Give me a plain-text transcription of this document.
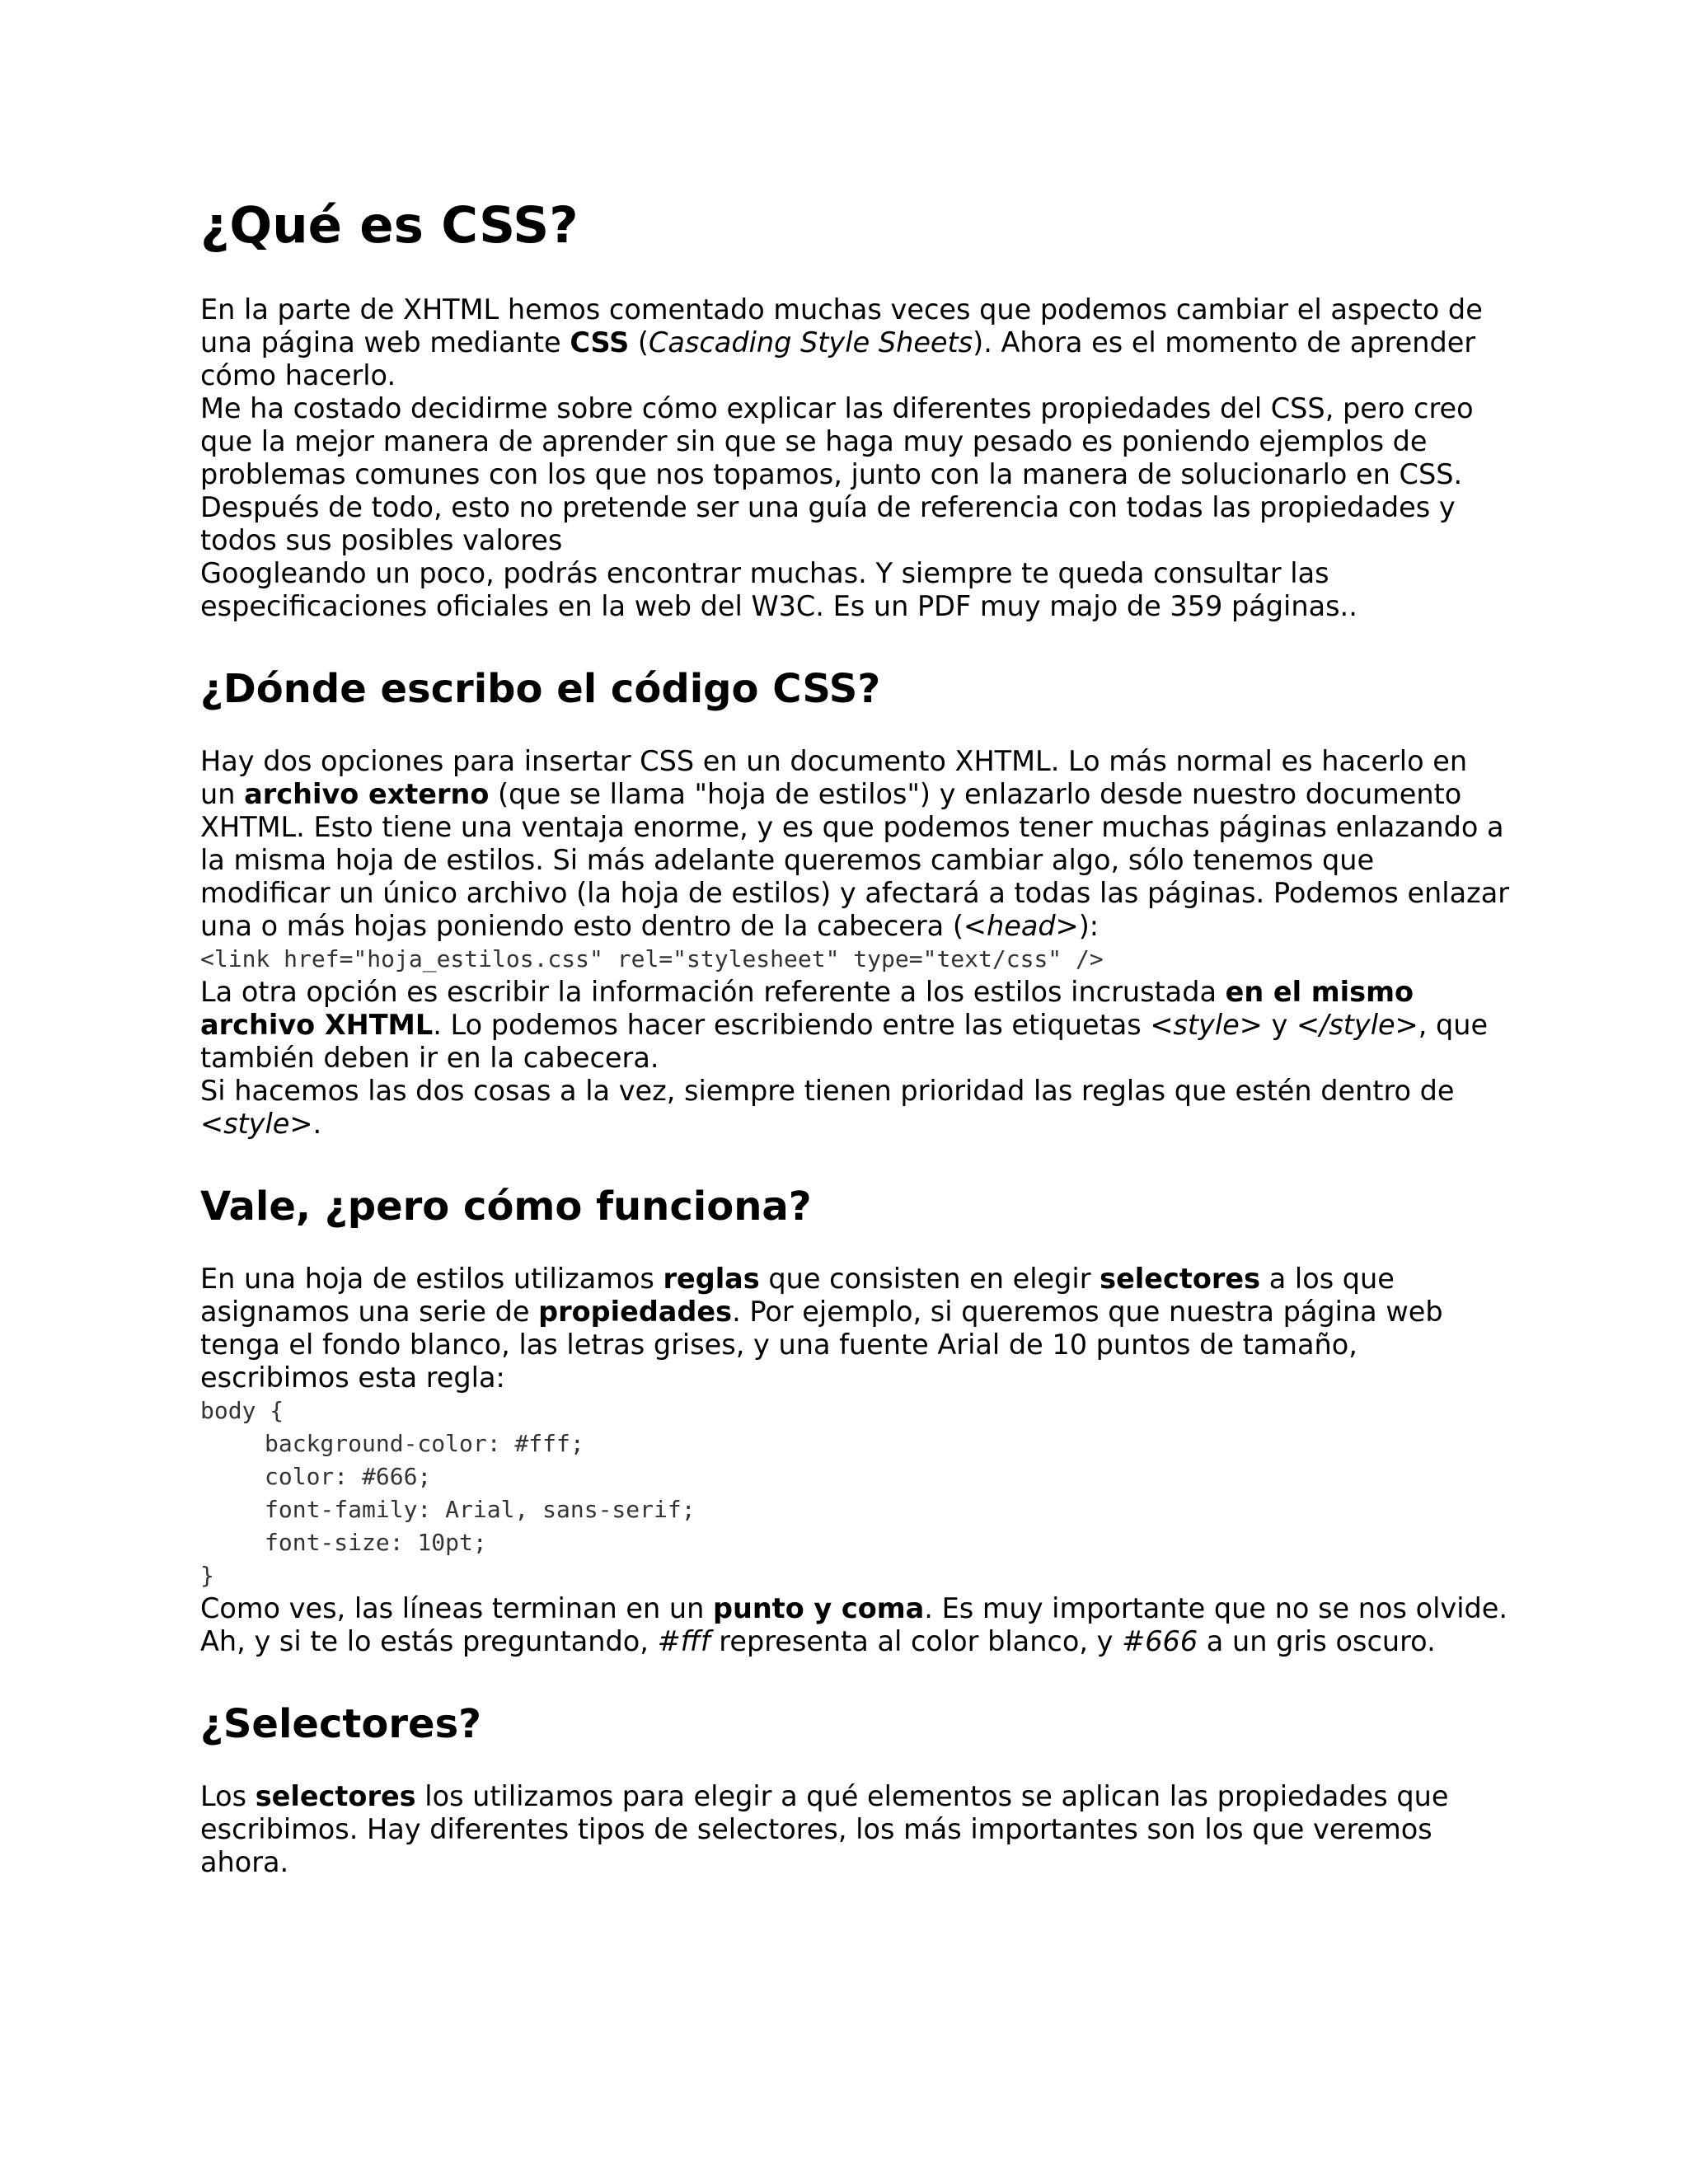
¿Qué es CSS?

En la parte de XHTML hemos comentado muchas veces que podemos cambiar el aspecto de una página web mediante CSS (Cascading Style Sheets). Ahora es el momento de aprender cómo hacerlo.

Me ha costado decidirme sobre cómo explicar las diferentes propiedades del CSS, pero creo que la mejor manera de aprender sin que se haga muy pesado es poniendo ejemplos de problemas comunes con los que nos topamos, junto con la manera de solucionarlo en CSS. Después de todo, esto no pretende ser una guía de referencia con todas las propiedades y todos sus posibles valores

Googleando un poco, podrás encontrar muchas. Y siempre te queda consultar las especificaciones oficiales en la web del W3C. Es un PDF muy majo de 359 páginas..

¿Dónde escribo el código CSS?

Hay dos opciones para insertar CSS en un documento XHTML. Lo más normal es hacerlo en un archivo externo (que se llama "hoja de estilos") y enlazarlo desde nuestro documento XHTML. Esto tiene una ventaja enorme, y es que podemos tener muchas páginas enlazando a la misma hoja de estilos. Si más adelante queremos cambiar algo, sólo tenemos que modificar un único archivo (la hoja de estilos) y afectará a todas las páginas. Podemos enlazar una o más hojas poniendo esto dentro de la cabecera (<head>):

<link href="hoja_estilos.css" rel="stylesheet" type="text/css" />

La otra opción es escribir la información referente a los estilos incrustada en el mismo archivo XHTML. Lo podemos hacer escribiendo entre las etiquetas <style> y </style>, que también deben ir en la cabecera.

Si hacemos las dos cosas a la vez, siempre tienen prioridad las reglas que estén dentro de <style>.

Vale, ¿pero cómo funciona?

En una hoja de estilos utilizamos reglas que consisten en elegir selectores a los que asignamos una serie de propiedades. Por ejemplo, si queremos que nuestra página web tenga el fondo blanco, las letras grises, y una fuente Arial de 10 puntos de tamaño, escribimos esta regla:

body {

background-color: #fff;

color: #666;

font-family: Arial, sans-serif;

font-size: 10pt;

}

Como ves, las líneas terminan en un punto y coma. Es muy importante que no se nos olvide. Ah, y si te lo estás preguntando, #fff representa al color blanco, y #666 a un gris oscuro.

¿Selectores?

Los selectores los utilizamos para elegir a qué elementos se aplican las propiedades que escribimos. Hay diferentes tipos de selectores, los más importantes son los que veremos ahora.
